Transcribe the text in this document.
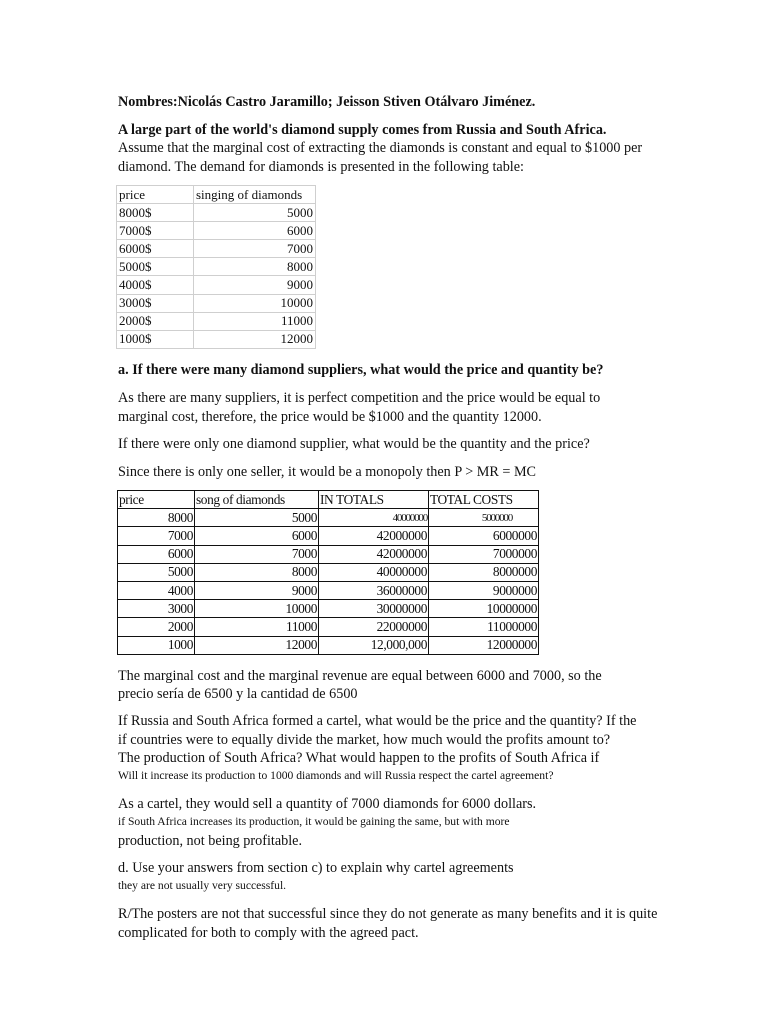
Nombres:Nicolás Castro Jaramillo; Jeisson Stiven Otálvaro Jiménez.
A large part of the world's diamond supply comes from Russia and South Africa.
Assume that the marginal cost of extracting the diamonds is constant and equal to $1000 per
diamond. The demand for diamonds is presented in the following table:
price	singing of diamonds
8000$	5000
7000$	6000
6000$	7000
5000$	8000
4000$	9000
3000$	10000
2000$	11000
1000$	12000
a. If there were many diamond suppliers, what would the price and quantity be?
As there are many suppliers, it is perfect competition and the price would be equal to
marginal cost, therefore, the price would be $1000 and the quantity 12000.
If there were only one diamond supplier, what would be the quantity and the price?
Since there is only one seller, it would be a monopoly then P > MR = MC
price	song of diamonds	IN TOTALS	TOTAL COSTS
8000	5000	40000000	5000000
7000	6000	42000000	6000000
6000	7000	42000000	7000000
5000	8000	40000000	8000000
4000	9000	36000000	9000000
3000	10000	30000000	10000000
2000	11000	22000000	11000000
1000	12000	12,000,000	12000000
The marginal cost and the marginal revenue are equal between 6000 and 7000, so the
precio sería de 6500 y la cantidad de 6500
If Russia and South Africa formed a cartel, what would be the price and the quantity? If the
if countries were to equally divide the market, how much would the profits amount to?
The production of South Africa? What would happen to the profits of South Africa if
Will it increase its production to 1000 diamonds and will Russia respect the cartel agreement?
As a cartel, they would sell a quantity of 7000 diamonds for 6000 dollars.
if South Africa increases its production, it would be gaining the same, but with more
production, not being profitable.
d. Use your answers from section c) to explain why cartel agreements
they are not usually very successful.
R/The posters are not that successful since they do not generate as many benefits and it is quite
complicated for both to comply with the agreed pact.
